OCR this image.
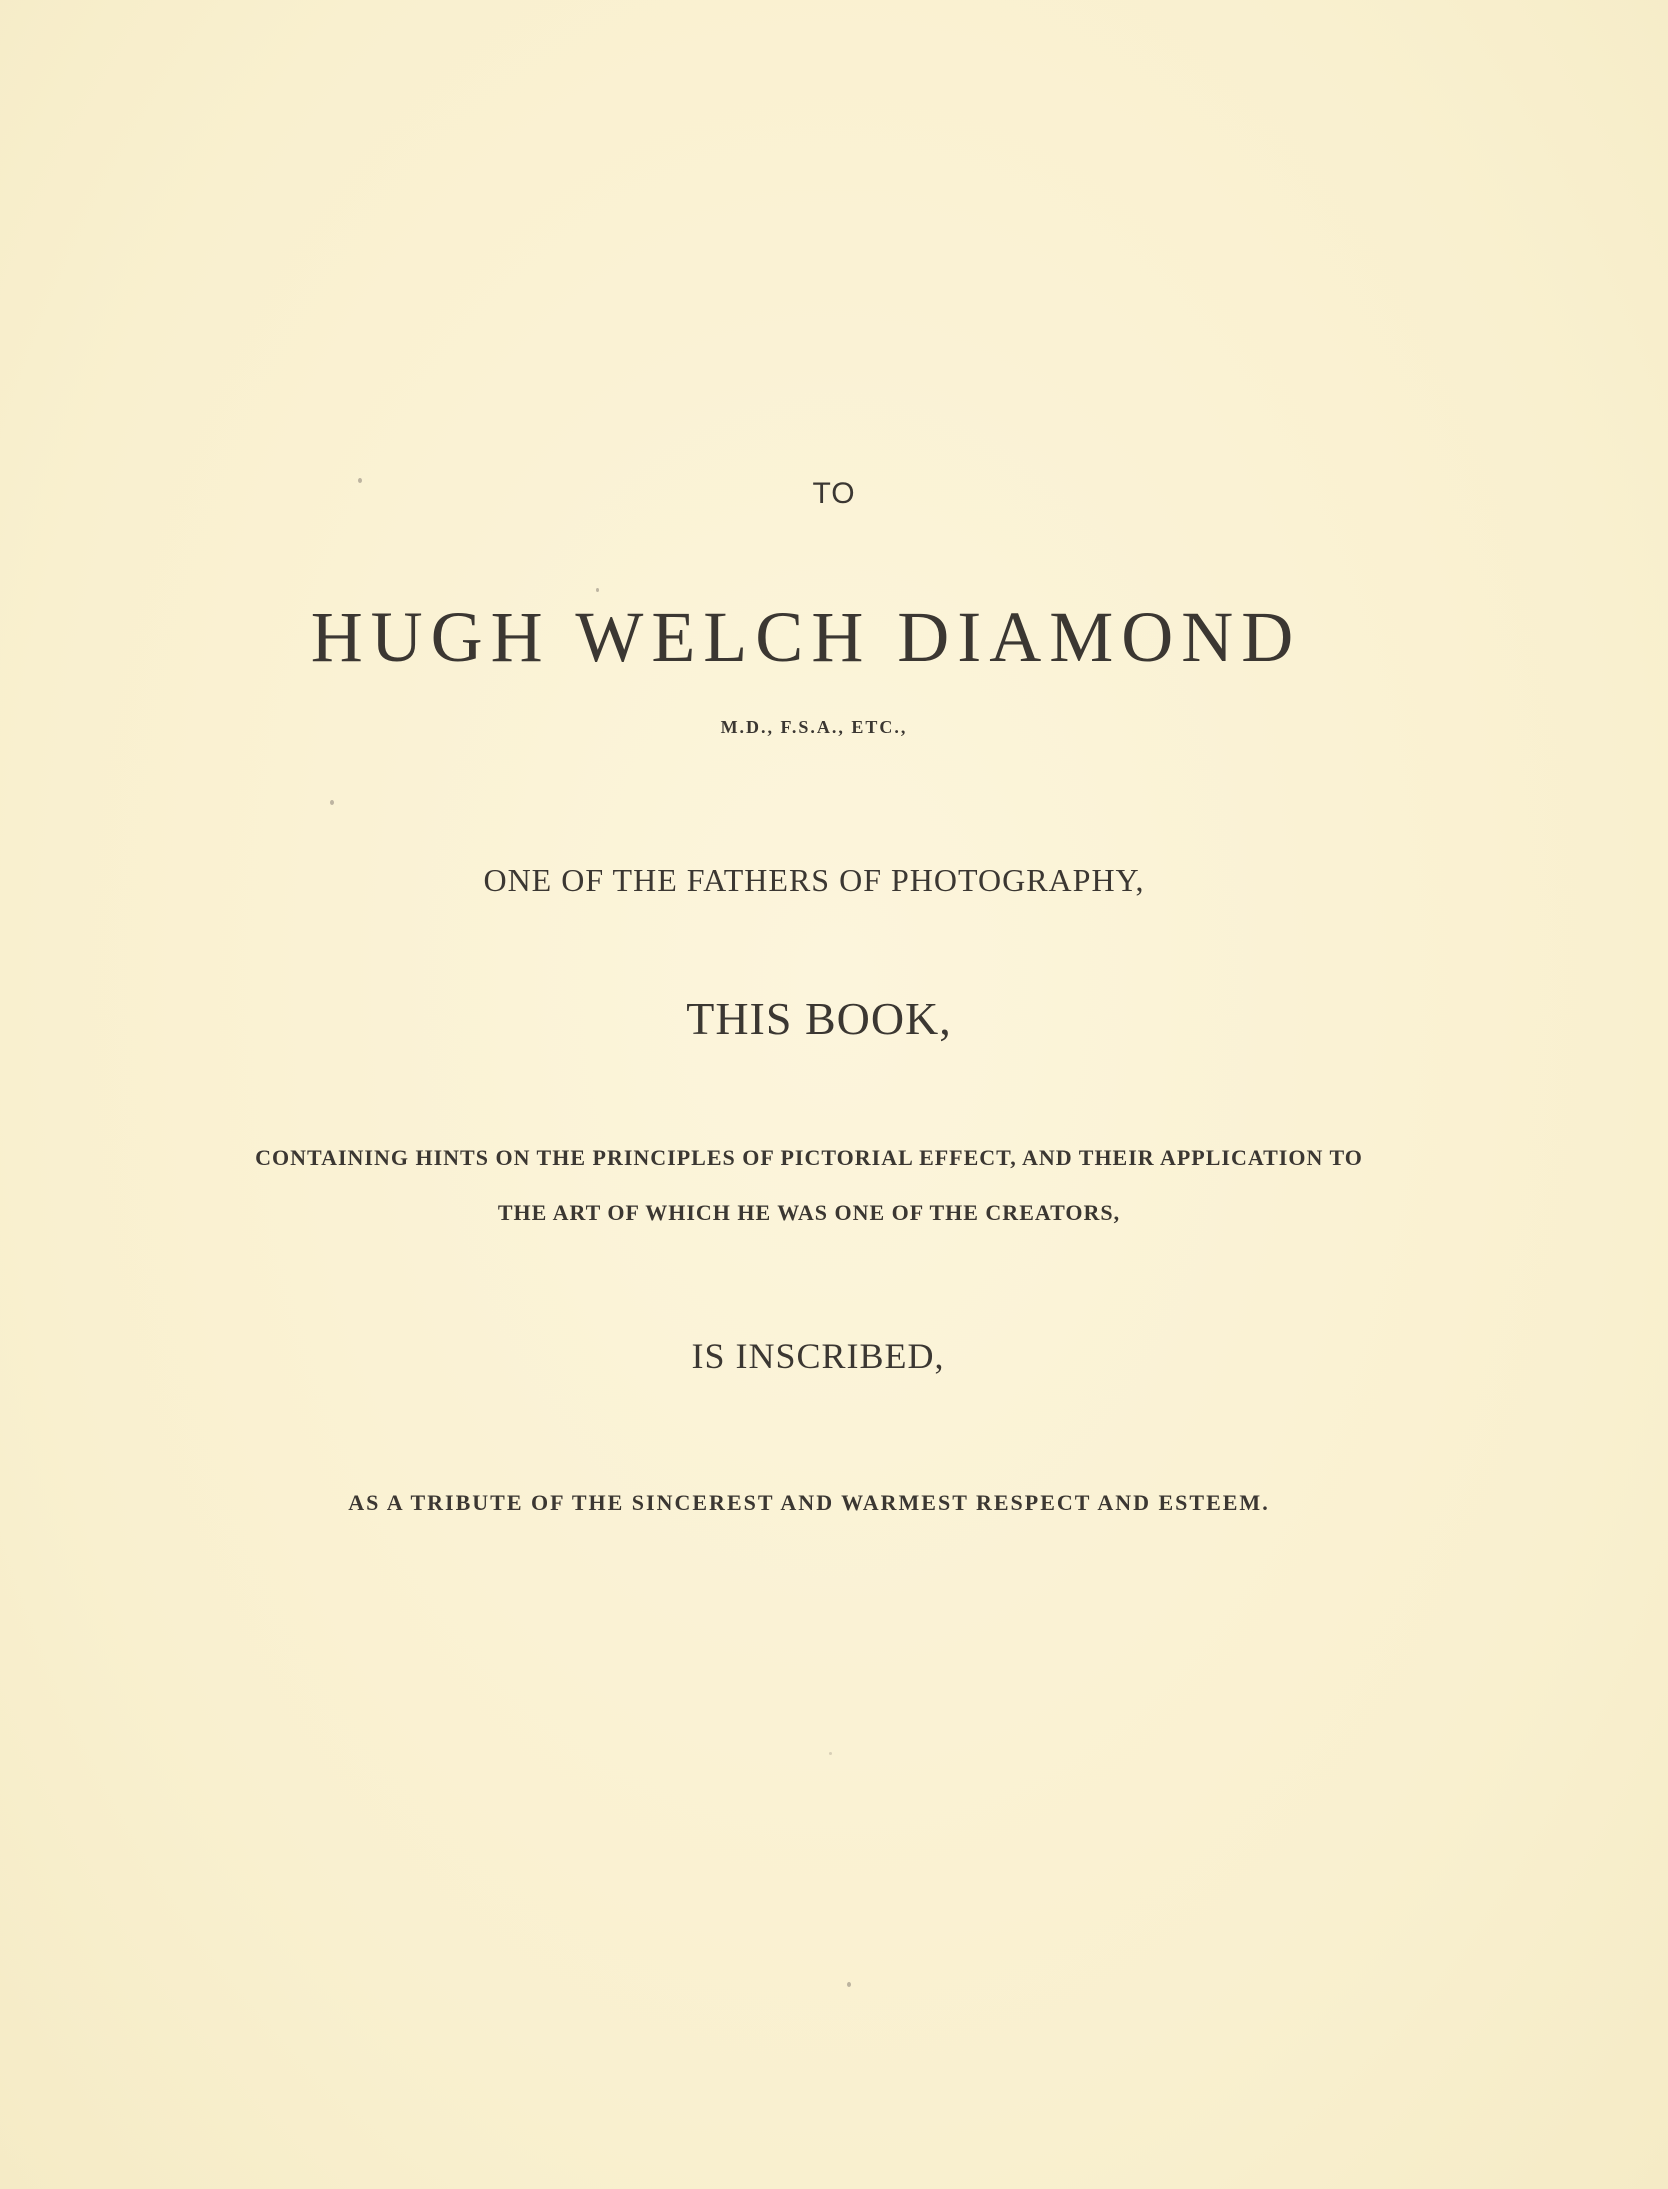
TO
HUGH WELCH DIAMOND
M.D., F.S.A., ETC.,
ONE OF THE FATHERS OF PHOTOGRAPHY,
THIS BOOK,
CONTAINING HINTS ON THE PRINCIPLES OF PICTORIAL EFFECT, AND THEIR APPLICATION TO
THE ART OF WHICH HE WAS ONE OF THE CREATORS,
IS INSCRIBED,
AS A TRIBUTE OF THE SINCEREST AND WARMEST RESPECT AND ESTEEM.
